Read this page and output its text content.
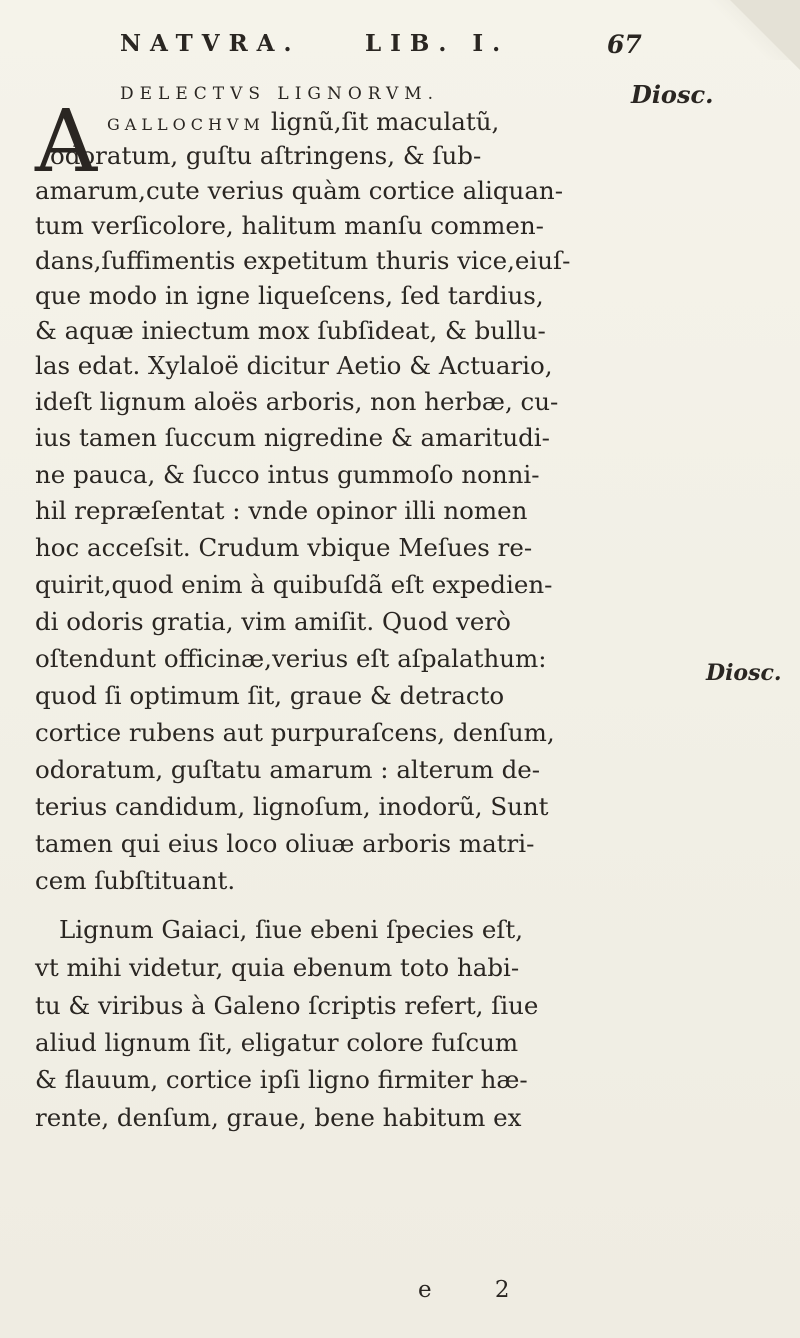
NATVRA.	LIB. I.	67
DELECTVS LIGNORVM.	Diosc.
Diosc.
A GALLOCHVM lignũ,ſit maculatũ,
odoratum, guſtu aſtringens, & ſub-
amarum,cute verius quàm cortice aliquan-
tum verſicolore, halitum manſu commen-
dans,ſuffimentis expetitum thuris vice,eiuſ-
que modo in igne liqueſcens, ſed tardius,
& aquæ iniectum mox ſubſideat, & bullu-
las edat. Xylaloë dicitur Aetio & Actuario,
ideſt lignum aloës arboris, non herbæ, cu-
ius tamen ſuccum nigredine & amaritudi-
ne pauca, & ſucco intus gummoſo nonni-
hil repræſentat : vnde opinor illi nomen
hoc acceſsit. Crudum vbique Meſues re-
quirit,quod enim à quibuſdã eſt expedien-
di odoris gratia, vim amiſit. Quod verò
oſtendunt officinæ,verius eſt aſpalathum:
quod ſi optimum ſit, graue & detracto
cortice rubens aut purpuraſcens, denſum,
odoratum, guſtatu amarum : alterum de-
terius candidum, lignoſum, inodorũ, Sunt
tamen qui eius loco oliuæ arboris matri-
cem ſubſtituant.
Lignum Gaiaci, ſiue ebeni ſpecies eſt,
vt mihi videtur, quia ebenum toto habi-
tu & viribus à Galeno ſcriptis refert, ſiue
aliud lignum ſit, eligatur colore fuſcum
& flauum, cortice ipſi ligno firmiter hæ-
rente, denſum, graue, bene habitum ex
e 2
